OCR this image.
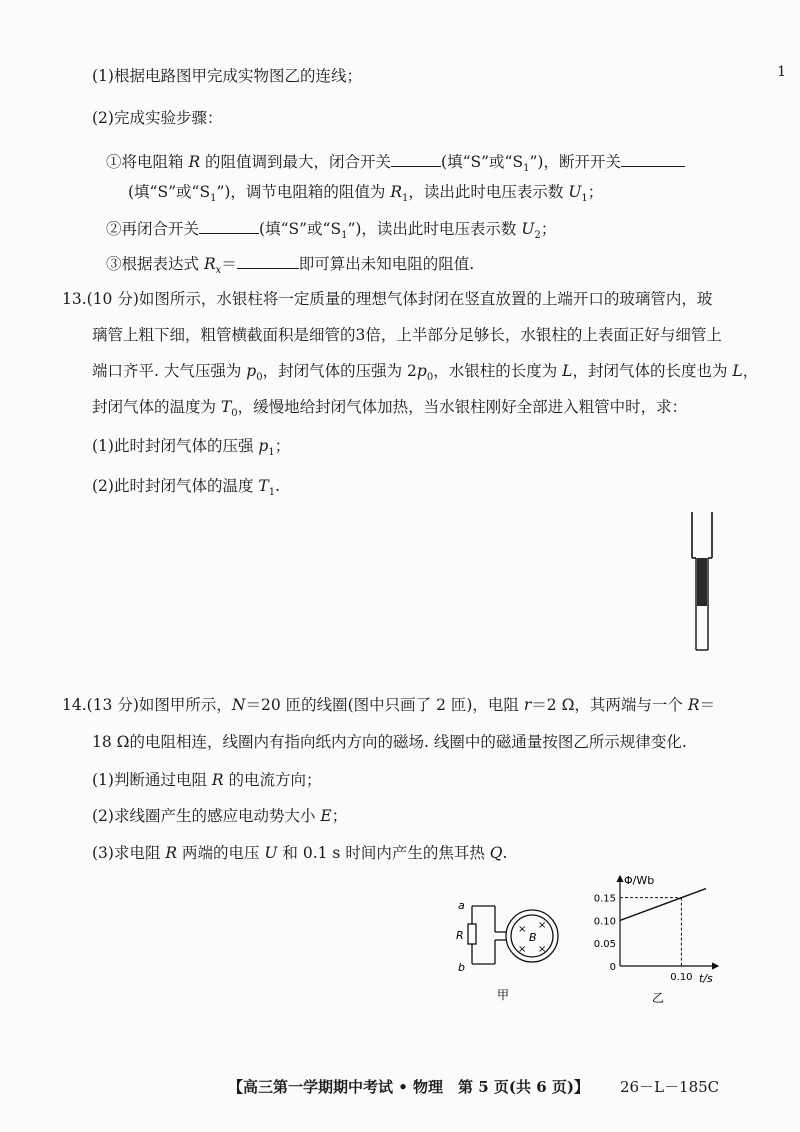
1
(1)根据电路图甲完成实物图乙的连线；
(2)完成实验步骤：
①将电阻箱 R 的阻值调到最大，闭合开关	(填“S”或“$S_1$”)，断开开关
(填“S”或“$S_1$”)，调节电阻箱的阻值为 $R_1$，读出此时电压表示数 $U_1$；
②再闭合开关	(填“S”或“$S_1$”)，读出此时电压表示数 $U_2$；
③根据表达式 $R_x=$	即可算出未知电阻的阻值.
13.(10 分)如图所示，水银柱将一定质量的理想气体封闭在竖直放置的上端开口的玻璃管内，玻
璃管上粗下细，粗管横截面积是细管的3倍，上半部分足够长，水银柱的上表面正好与细管上
端口齐平. 大气压强为 $p_0$，封闭气体的压强为 $2p_0$，水银柱的长度为 L，封闭气体的长度也为 L，
封闭气体的温度为 $T_0$，缓慢地给封闭气体加热，当水银柱刚好全部进入粗管中时，求：
(1)此时封闭气体的压强 $p_1$；
(2)此时封闭气体的温度 $T_1$.
14.(13 分)如图甲所示，N＝20 匝的线圈(图中只画了 2 匝)，电阻 r＝2 Ω，其两端与一个 R＝
18 Ω的电阻相连，线圈内有指向纸内方向的磁场. 线圈中的磁通量按图乙所示规律变化.
(1)判断通过电阻 R 的电流方向；
(2)求线圈产生的感应电动势大小 E；
(3)求电阻 R 两端的电压 U 和 0.1 s 时间内产生的焦耳热 Q.
a
b
R	B
× ×
× ×
甲
Φ/Wb
t/s
0.15
0.10
0.05
0
0.10
乙
【高三第一学期期中考试 • 物理　第 5 页(共 6 页)】 26－L－185C
